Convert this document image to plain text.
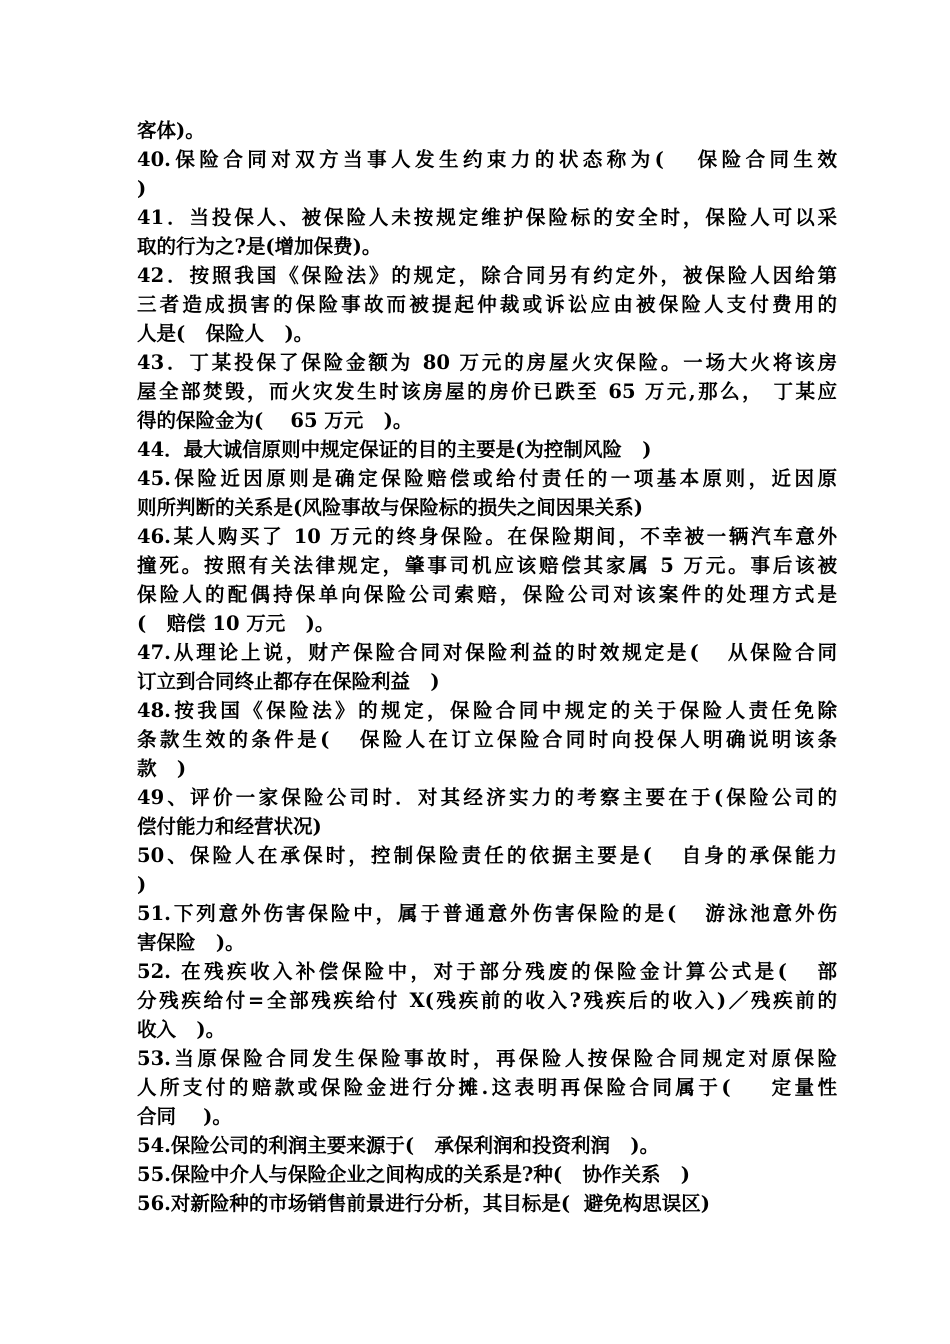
客体)。
40.保险合同对双方当事人发生约束力的状态称为(   保险合同生效
)
41．当投保人、被保险人未按规定维护保险标的安全时，保险人可以采
取的行为之?是(增加保费)。
42．按照我国《保险法》的规定，除合同另有约定外，被保险人因给第
三者造成损害的保险事故而被提起仲裁或诉讼应由被保险人支付费用的
人是(   保险人   )。
43．丁某投保了保险金额为 80 万元的房屋火灾保险。一场大火将该房
屋全部焚毁，而火灾发生时该房屋的房价已跌至 65 万元,那么， 丁某应
得的保险金为(    65 万元   )。
44．最大诚信原则中规定保证的目的主要是(为控制风险   )
45.保险近因原则是确定保险赔偿或给付责任的一项基本原则，近因原
则所判断的关系是(风险事故与保险标的损失之间因果关系)
46.某人购买了 10 万元的终身保险。在保险期间，不幸被一辆汽车意外
撞死。按照有关法律规定，肇事司机应该赔偿其家属 5 万元。事后该被
保险人的配偶持保单向保险公司索赔，保险公司对该案件的处理方式是
(   赔偿 10 万元   )。
47.从理论上说，财产保险合同对保险利益的时效规定是(   从保险合同
订立到合同终止都存在保险利益   )
48.按我国《保险法》的规定，保险合同中规定的关于保险人责任免除
条款生效的条件是(   保险人在订立保险合同时向投保人明确说明该条
款   )
49、评价一家保险公司时．对其经济实力的考察主要在于(保险公司的
偿付能力和经营状况)
50、保险人在承保时，控制保险责任的依据主要是(   自身的承保能力
)
51.下列意外伤害保险中，属于普通意外伤害保险的是(   游泳池意外伤
害保险   )。
52. 在残疾收入补偿保险中，对于部分残废的保险金计算公式是(   部
分残疾给付=全部残疾给付 X(残疾前的收入?残疾后的收入)／残疾前的
收入   )。
53.当原保险合同发生保险事故时，再保险人按保险合同规定对原保险
人所支付的赔款或保险金进行分摊.这表明再保险合同属于(    定量性
合同    )。
54.保险公司的利润主要来源于(   承保利润和投资利润   )。
55.保险中介人与保险企业之间构成的关系是?种(   协作关系   )
56.对新险种的市场销售前景进行分析，其目标是(  避免构思误区)
